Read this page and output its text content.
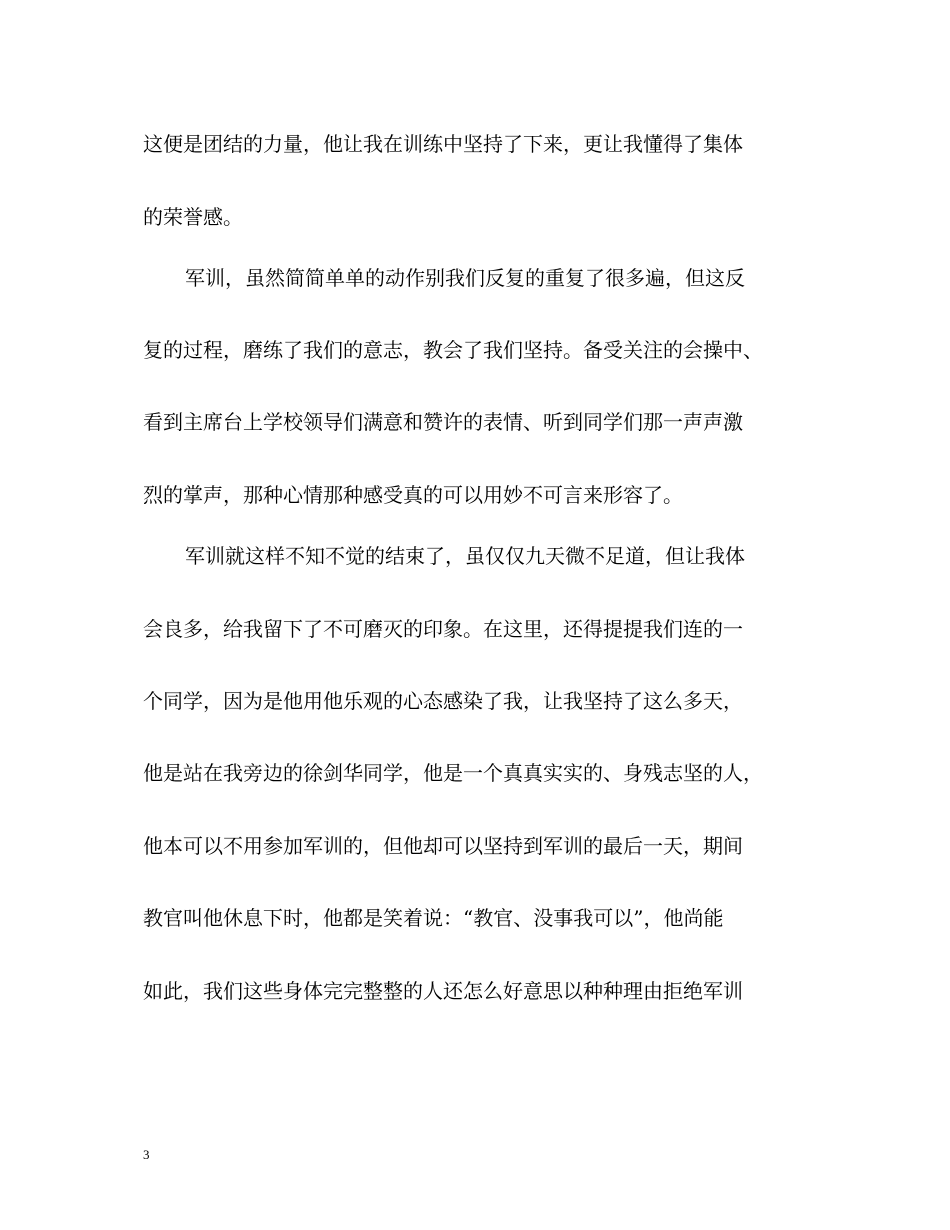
这便是团结的力量，他让我在训练中坚持了下来，更让我懂得了集体
的荣誉感。
军训，虽然简简单单的动作别我们反复的重复了很多遍，但这反
复的过程，磨练了我们的意志，教会了我们坚持。备受关注的会操中、
看到主席台上学校领导们满意和赞许的表情、听到同学们那一声声激
烈的掌声，那种心情那种感受真的可以用妙不可言来形容了。
军训就这样不知不觉的结束了，虽仅仅九天微不足道，但让我体
会良多，给我留下了不可磨灭的印象。在这里，还得提提我们连的一
个同学，因为是他用他乐观的心态感染了我，让我坚持了这么多天，
他是站在我旁边的徐剑华同学，他是一个真真实实的、身残志坚的人，
他本可以不用参加军训的，但他却可以坚持到军训的最后一天，期间
教官叫他休息下时，他都是笑着说：“教官、没事我可以”，他尚能
如此，我们这些身体完完整整的人还怎么好意思以种种理由拒绝军训
3
